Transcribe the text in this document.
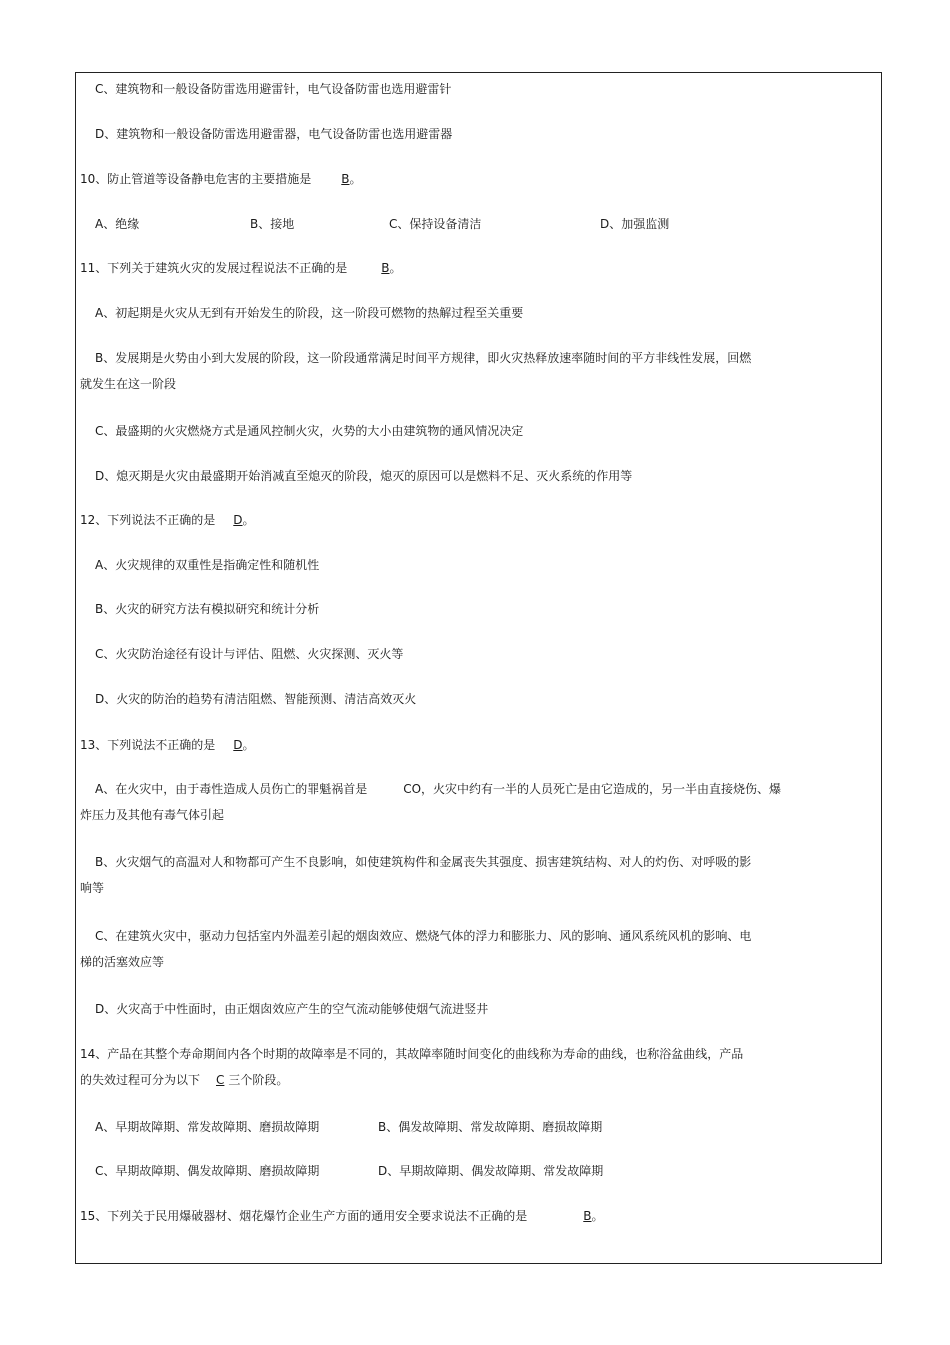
C、建筑物和一般设备防雷选用避雷针，电气设备防雷也选用避雷针
D、建筑物和一般设备防雷选用避雷器，电气设备防雷也选用避雷器
10、防止管道等设备静电危害的主要措施是	B。
A、绝缘	B、接地	C、保持设备清洁	D、加强监测
11、下列关于建筑火灾的发展过程说法不正确的是	B。
A、初起期是火灾从无到有开始发生的阶段，这一阶段可燃物的热解过程至关重要
B、发展期是火势由小到大发展的阶段，这一阶段通常满足时间平方规律，即火灾热释放速率随时间的平方非线性发展，回燃
就发生在这一阶段
C、最盛期的火灾燃烧方式是通风控制火灾，火势的大小由建筑物的通风情况决定
D、熄灭期是火灾由最盛期开始消减直至熄灭的阶段，熄灭的原因可以是燃料不足、灭火系统的作用等
12、下列说法不正确的是 D。
A、火灾规律的双重性是指确定性和随机性
B、火灾的研究方法有模拟研究和统计分析
C、火灾防治途径有设计与评估、阻燃、火灾探测、灭火等
D、火灾的防治的趋势有清洁阻燃、智能预测、清洁高效灭火
13、下列说法不正确的是 D。
A、在火灾中，由于毒性造成人员伤亡的罪魁祸首是	CO，火灾中约有一半的人员死亡是由它造成的，另一半由直接烧伤、爆
炸压力及其他有毒气体引起
B、火灾烟气的高温对人和物都可产生不良影响，如使建筑构件和金属丧失其强度、损害建筑结构、对人的灼伤、对呼吸的影
响等
C、在建筑火灾中，驱动力包括室内外温差引起的烟囱效应、燃烧气体的浮力和膨胀力、风的影响、通风系统风机的影响、电
梯的活塞效应等
D、火灾高于中性面时，由正烟囱效应产生的空气流动能够使烟气流进竖井
14、产品在其整个寿命期间内各个时期的故障率是不同的，其故障率随时间变化的曲线称为寿命的曲线，也称浴盆曲线，产品
的失效过程可分为以下 C 三个阶段。
A、早期故障期、常发故障期、磨损故障期	B、偶发故障期、常发故障期、磨损故障期
C、早期故障期、偶发故障期、磨损故障期	D、早期故障期、偶发故障期、常发故障期
15、下列关于民用爆破器材、烟花爆竹企业生产方面的通用安全要求说法不正确的是	B。
